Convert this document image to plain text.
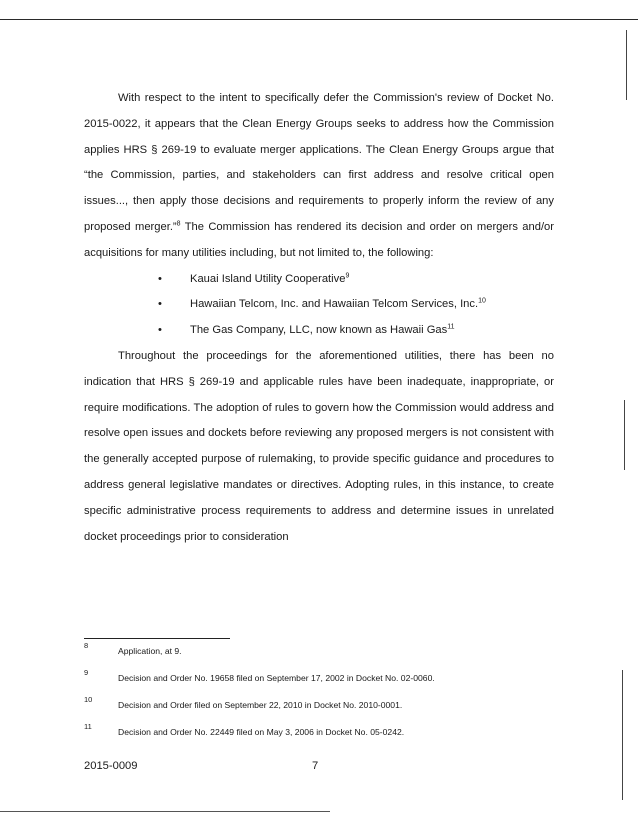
With respect to the intent to specifically defer the Commission's review of Docket No. 2015-0022, it appears that the Clean Energy Groups seeks to address how the Commission applies HRS § 269-19 to evaluate merger applications. The Clean Energy Groups argue that “the Commission, parties, and stakeholders can first address and resolve critical open issues..., then apply those decisions and requirements to properly inform the review of any proposed merger.”$^8$ The Commission has rendered its decision and order on mergers and/or acquisitions for many utilities including, but not limited to, the following:

•	Kauai Island Utility Cooperative$^9$
•	Hawaiian Telcom, Inc. and Hawaiian Telcom Services, Inc.$^{10}$
•	The Gas Company, LLC, now known as Hawaii Gas$^{11}$

Throughout the proceedings for the aforementioned utilities, there has been no indication that HRS § 269-19 and applicable rules have been inadequate, inappropriate, or require modifications. The adoption of rules to govern how the Commission would address and resolve open issues and dockets before reviewing any proposed mergers is not consistent with the generally accepted purpose of rulemaking, to provide specific guidance and procedures to address general legislative mandates or directives. Adopting rules, in this instance, to create specific administrative process requirements to address and determine issues in unrelated docket proceedings prior to consideration

8
Application, at 9.
9
Decision and Order No. 19658 filed on September 17, 2002 in Docket No. 02-0060.
10
Decision and Order filed on September 22, 2010 in Docket No. 2010-0001.
11
Decision and Order No. 22449 filed on May 3, 2006 in Docket No. 05-0242.
2015-0009	7
